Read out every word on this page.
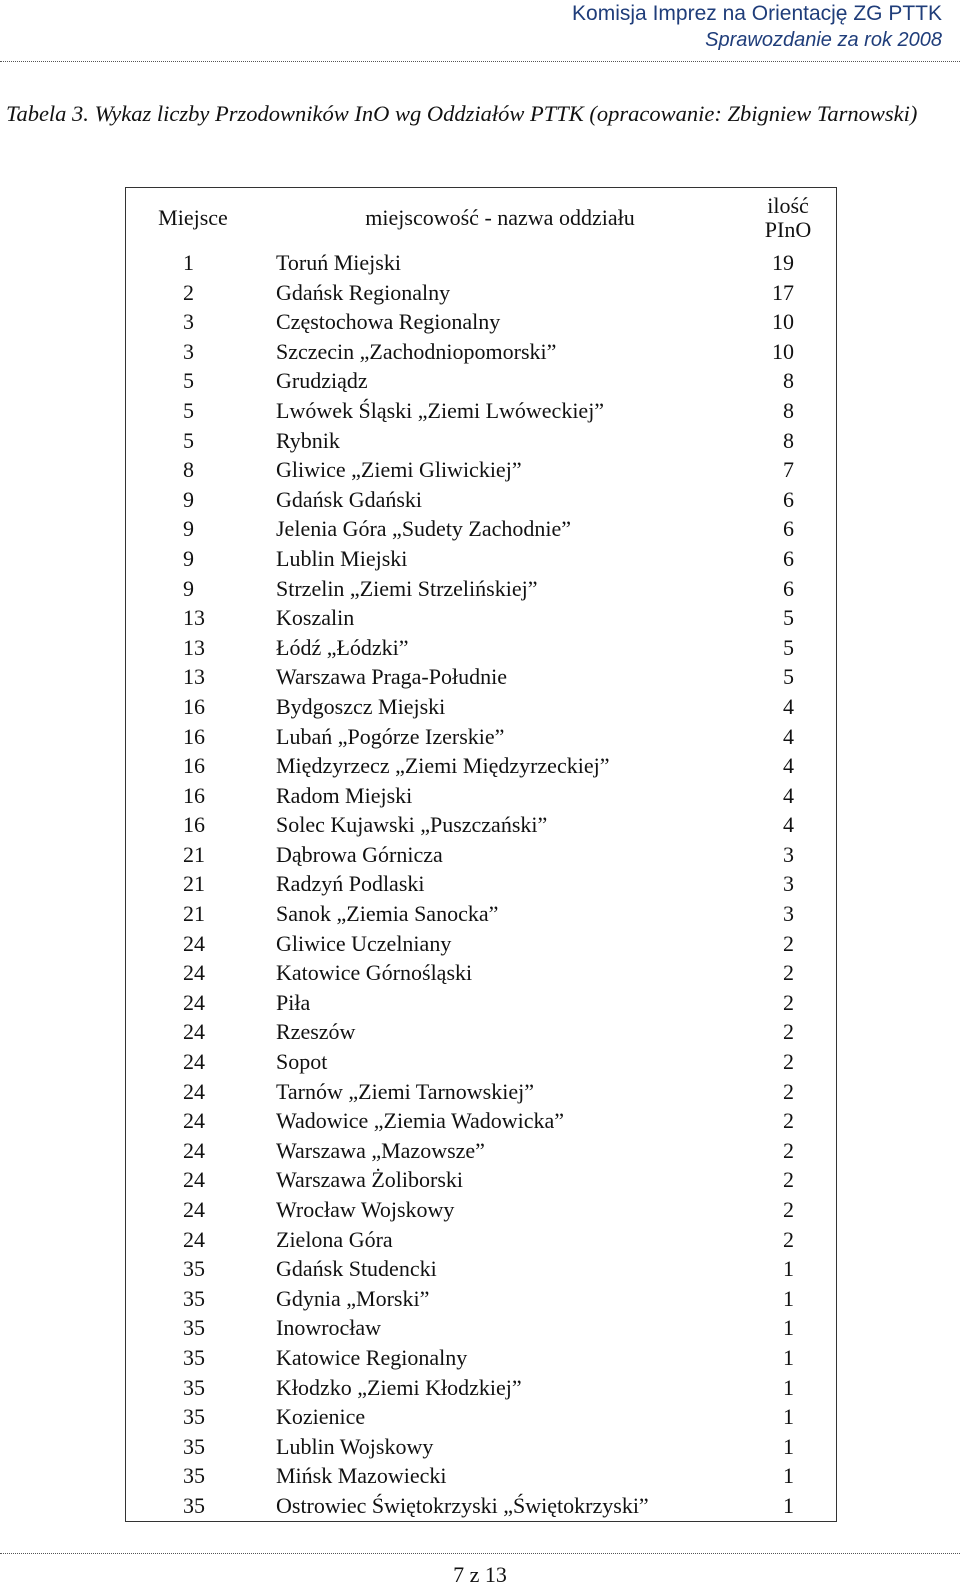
Komisja Imprez na Orientację ZG PTTK
Sprawozdanie za rok 2008
Tabela 3. Wykaz liczby Przodowników InO wg Oddziałów PTTK (opracowanie: Zbigniew Tarnowski)
Miejsce	miejscowość - nazwa oddziału	ilość
PInO

1	Toruń Miejski	19
2	Gdańsk Regionalny	17
3	Częstochowa Regionalny	10
3	Szczecin „Zachodniopomorski”	10
5	Grudziądz	8
5	Lwówek Śląski „Ziemi Lwóweckiej”	8
5	Rybnik	8
8	Gliwice „Ziemi Gliwickiej”	7
9	Gdańsk Gdański	6
9	Jelenia Góra „Sudety Zachodnie”	6
9	Lublin Miejski	6
9	Strzelin „Ziemi Strzelińskiej”	6
13	Koszalin	5
13	Łódź „Łódzki”	5
13	Warszawa Praga-Południe	5
16	Bydgoszcz Miejski	4
16	Lubań „Pogórze Izerskie”	4
16	Międzyrzecz „Ziemi Międzyrzeckiej”	4
16	Radom Miejski	4
16	Solec Kujawski „Puszczański”	4
21	Dąbrowa Górnicza	3
21	Radzyń Podlaski	3
21	Sanok „Ziemia Sanocka”	3
24	Gliwice Uczelniany	2
24	Katowice Górnośląski	2
24	Piła	2
24	Rzeszów	2
24	Sopot	2
24	Tarnów „Ziemi Tarnowskiej”	2
24	Wadowice „Ziemia Wadowicka”	2
24	Warszawa „Mazowsze”	2
24	Warszawa Żoliborski	2
24	Wrocław Wojskowy	2
24	Zielona Góra	2
35	Gdańsk Studencki	1
35	Gdynia „Morski”	1
35	Inowrocław	1
35	Katowice Regionalny	1
35	Kłodzko „Ziemi Kłodzkiej”	1
35	Kozienice	1
35	Lublin Wojskowy	1
35	Mińsk Mazowiecki	1
35	Ostrowiec Świętokrzyski „Świętokrzyski”	1
7 z 13
